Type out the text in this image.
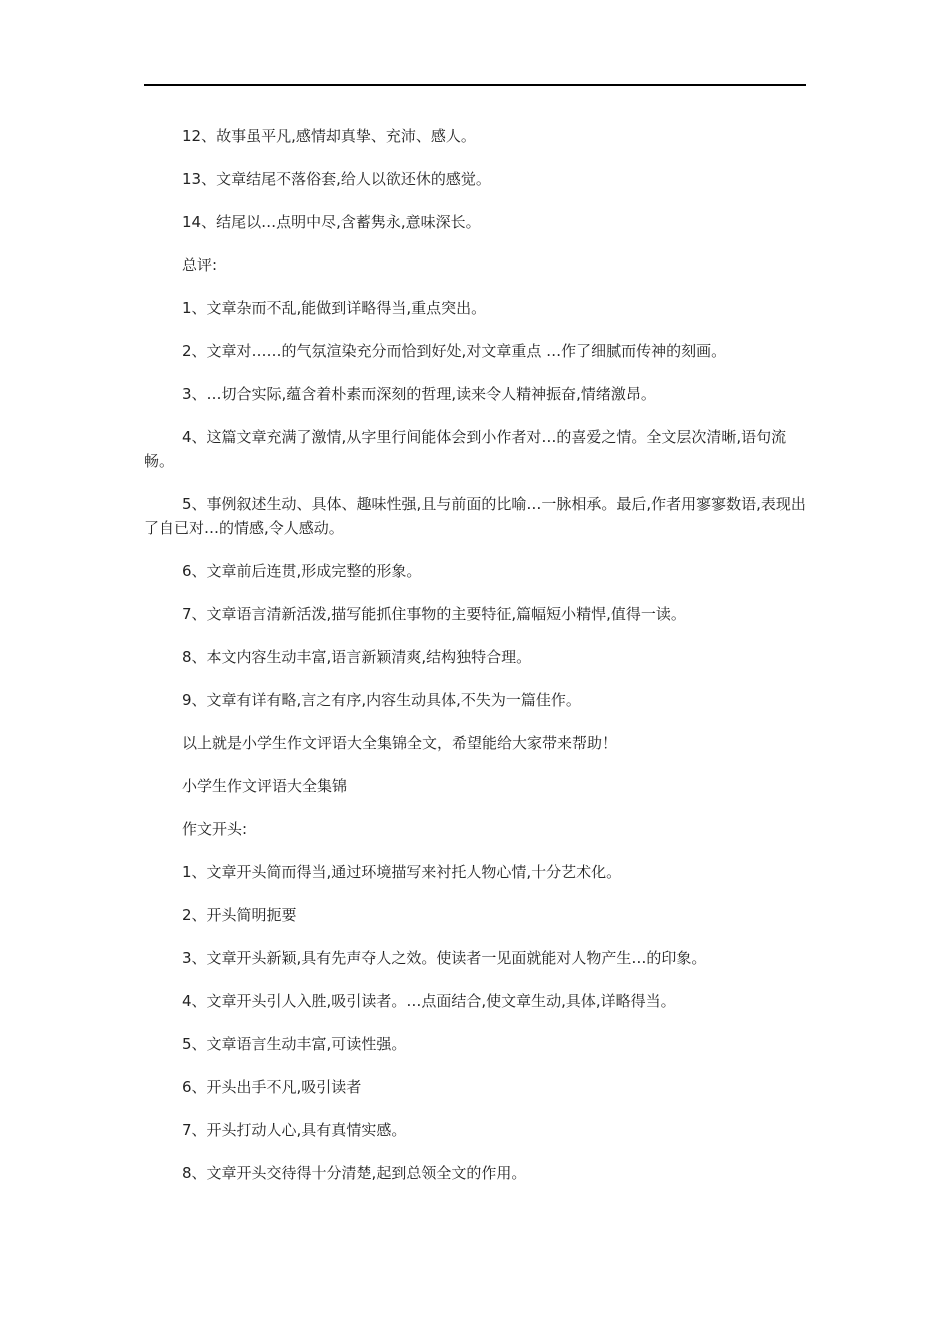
12、故事虽平凡,感情却真挚、充沛、感人。

13、文章结尾不落俗套,给人以欲还休的感觉。

14、结尾以…点明中尽,含蓄隽永,意味深长。

总评:

1、文章杂而不乱,能做到详略得当,重点突出。

2、文章对……的气氛渲染充分而恰到好处,对文章重点 …作了细腻而传神的刻画。

3、…切合实际,蕴含着朴素而深刻的哲理,读来令人精神振奋,情绪激昂。

4、这篇文章充满了激情,从字里行间能体会到小作者对…的喜爱之情。全文层次清晰,语句流畅。

5、事例叙述生动、具体、趣味性强,且与前面的比喻…一脉相承。最后,作者用寥寥数语,表现出了自已对…的情感,令人感动。

6、文章前后连贯,形成完整的形象。

7、文章语言清新活泼,描写能抓住事物的主要特征,篇幅短小精悍,值得一读。

8、本文内容生动丰富,语言新颖清爽,结构独特合理。

9、文章有详有略,言之有序,内容生动具体,不失为一篇佳作。

以上就是小学生作文评语大全集锦全文，希望能给大家带来帮助！

小学生作文评语大全集锦

作文开头:

1、文章开头简而得当,通过环境描写来衬托人物心情,十分艺术化。

2、开头简明扼要

3、文章开头新颖,具有先声夺人之效。使读者一见面就能对人物产生…的印象。

4、文章开头引人入胜,吸引读者。…点面结合,使文章生动,具体,详略得当。

5、文章语言生动丰富,可读性强。

6、开头出手不凡,吸引读者

7、开头打动人心,具有真情实感。

8、文章开头交待得十分清楚,起到总领全文的作用。
